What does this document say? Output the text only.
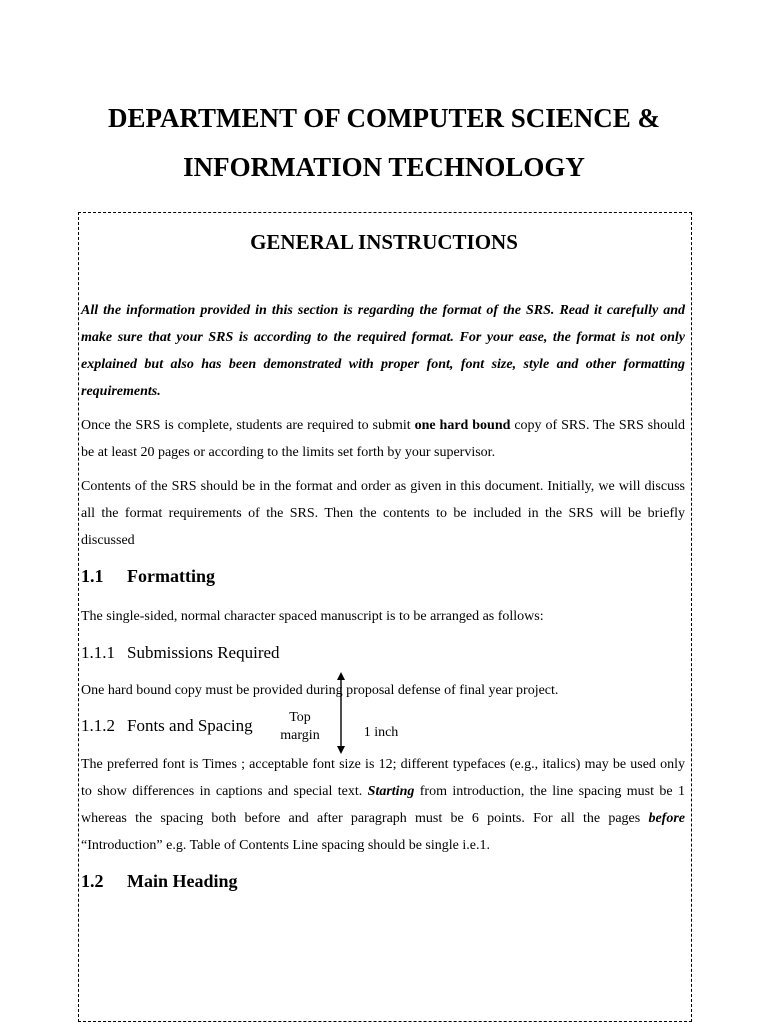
DEPARTMENT OF COMPUTER SCIENCE &
INFORMATION TECHNOLOGY
GENERAL INSTRUCTIONS

All the information provided in this section is regarding the format of the SRS. Read it carefully and make sure that your SRS is according to the required format. For your ease, the format is not only explained but also has been demonstrated with proper font, font size, style and other formatting requirements.

Once the SRS is complete, students are required to submit one hard bound copy of SRS. The SRS should be at least 20 pages or according to the limits set forth by your supervisor.

Contents of the SRS should be in the format and order as given in this document. Initially, we will discuss all the format requirements of the SRS. Then the contents to be included in the SRS will be briefly discussed

1.1 Formatting

The single-sided, normal character spaced manuscript is to be arranged as follows:

1.1.1 Submissions Required

One hard bound copy must be provided during proposal defense of final year project.

1.1.2 Fonts and Spacing	Top
margin	1 inch

The preferred font is Times ; acceptable font size is 12; different typefaces (e.g., italics) may be used only to show differences in captions and special text. Starting from introduction, the line spacing must be 1 whereas the spacing both before and after paragraph must be 6 points. For all the pages before “Introduction” e.g. Table of Contents Line spacing should be single i.e.1.

1.2 Main Heading
